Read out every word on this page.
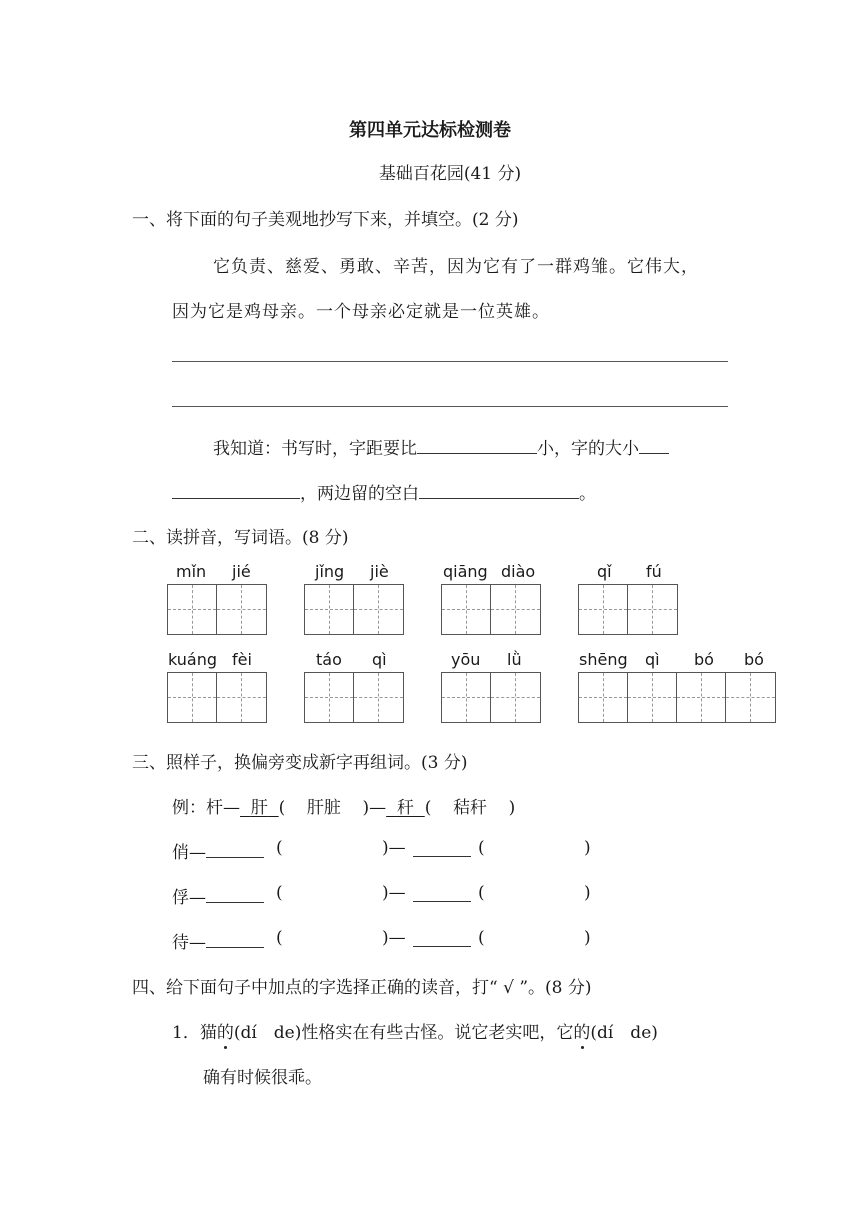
第四单元达标检测卷
基础百花园(41 分)
一、将下面的句子美观地抄写下来，并填空。(2 分)
它负责、慈爱、勇敢、辛苦，因为它有了一群鸡雏。它伟大，
因为它是鸡母亲。一个母亲必定就是一位英雄。
我知道：书写时，字距要比	小，字的大小
，两边留的空白	。
二、读拼音，写词语。(8 分)
mǐn jié	jǐng jiè	qiāng diào	qǐ fú
kuáng fèi	táo qì	yōu lǜ	shēng qì bó bó
三、照样子，换偏旁变成新字再组词。(3 分)
例：杆— 肝 (    肝脏    )— 秆 (    秸秆    )
俏—	(	)—	(	)
俘—	(	)—	(	)
待—	(	)—	(	)
四、给下面句子中加点的字选择正确的读音，打“ √ ”。(8 分)
1．猫的(dí　de)性格实在有些古怪。说它老实吧，它的(dí　de)
确有时候很乖。
